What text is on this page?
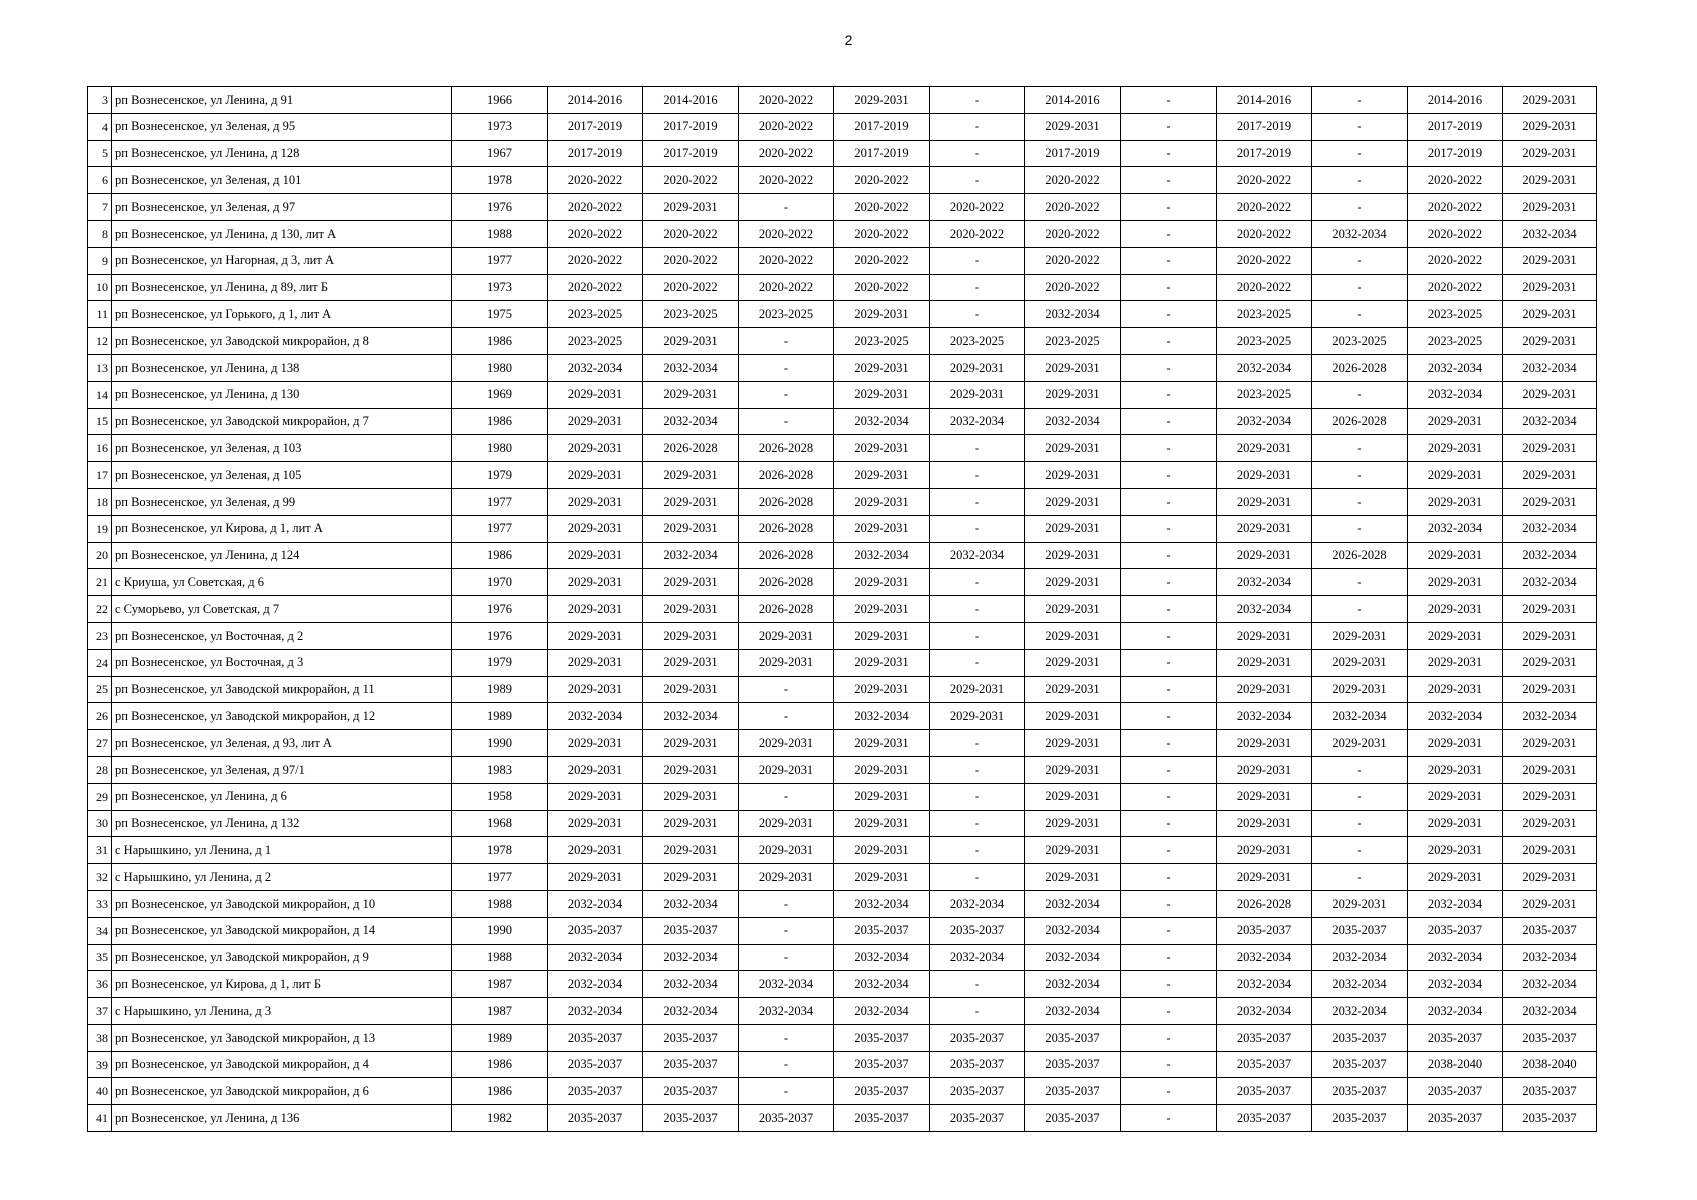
2
3	рп Вознесенское, ул Ленина, д 91	1966	2014-2016	2014-2016	2020-2022	2029-2031	-	2014-2016	-	2014-2016	-	2014-2016	2029-2031
4	рп Вознесенское, ул Зеленая, д 95	1973	2017-2019	2017-2019	2020-2022	2017-2019	-	2029-2031	-	2017-2019	-	2017-2019	2029-2031
5	рп Вознесенское, ул Ленина, д 128	1967	2017-2019	2017-2019	2020-2022	2017-2019	-	2017-2019	-	2017-2019	-	2017-2019	2029-2031
6	рп Вознесенское, ул Зеленая, д 101	1978	2020-2022	2020-2022	2020-2022	2020-2022	-	2020-2022	-	2020-2022	-	2020-2022	2029-2031
7	рп Вознесенское, ул Зеленая, д 97	1976	2020-2022	2029-2031	-	2020-2022	2020-2022	2020-2022	-	2020-2022	-	2020-2022	2029-2031
8	рп Вознесенское, ул Ленина, д 130, лит А	1988	2020-2022	2020-2022	2020-2022	2020-2022	2020-2022	2020-2022	-	2020-2022	2032-2034	2020-2022	2032-2034
9	рп Вознесенское, ул Нагорная, д 3, лит А	1977	2020-2022	2020-2022	2020-2022	2020-2022	-	2020-2022	-	2020-2022	-	2020-2022	2029-2031
10	рп Вознесенское, ул Ленина, д 89, лит Б	1973	2020-2022	2020-2022	2020-2022	2020-2022	-	2020-2022	-	2020-2022	-	2020-2022	2029-2031
11	рп Вознесенское, ул Горького, д 1, лит А	1975	2023-2025	2023-2025	2023-2025	2029-2031	-	2032-2034	-	2023-2025	-	2023-2025	2029-2031
12	рп Вознесенское, ул Заводской микрорайон, д 8	1986	2023-2025	2029-2031	-	2023-2025	2023-2025	2023-2025	-	2023-2025	2023-2025	2023-2025	2029-2031
13	рп Вознесенское, ул Ленина, д 138	1980	2032-2034	2032-2034	-	2029-2031	2029-2031	2029-2031	-	2032-2034	2026-2028	2032-2034	2032-2034
14	рп Вознесенское, ул Ленина, д 130	1969	2029-2031	2029-2031	-	2029-2031	2029-2031	2029-2031	-	2023-2025	-	2032-2034	2029-2031
15	рп Вознесенское, ул Заводской микрорайон, д 7	1986	2029-2031	2032-2034	-	2032-2034	2032-2034	2032-2034	-	2032-2034	2026-2028	2029-2031	2032-2034
16	рп Вознесенское, ул Зеленая, д 103	1980	2029-2031	2026-2028	2026-2028	2029-2031	-	2029-2031	-	2029-2031	-	2029-2031	2029-2031
17	рп Вознесенское, ул Зеленая, д 105	1979	2029-2031	2029-2031	2026-2028	2029-2031	-	2029-2031	-	2029-2031	-	2029-2031	2029-2031
18	рп Вознесенское, ул Зеленая, д 99	1977	2029-2031	2029-2031	2026-2028	2029-2031	-	2029-2031	-	2029-2031	-	2029-2031	2029-2031
19	рп Вознесенское, ул Кирова, д 1, лит А	1977	2029-2031	2029-2031	2026-2028	2029-2031	-	2029-2031	-	2029-2031	-	2032-2034	2032-2034
20	рп Вознесенское, ул Ленина, д 124	1986	2029-2031	2032-2034	2026-2028	2032-2034	2032-2034	2029-2031	-	2029-2031	2026-2028	2029-2031	2032-2034
21	с Криуша, ул Советская, д 6	1970	2029-2031	2029-2031	2026-2028	2029-2031	-	2029-2031	-	2032-2034	-	2029-2031	2032-2034
22	с Суморьево, ул Советская, д 7	1976	2029-2031	2029-2031	2026-2028	2029-2031	-	2029-2031	-	2032-2034	-	2029-2031	2029-2031
23	рп Вознесенское, ул Восточная, д 2	1976	2029-2031	2029-2031	2029-2031	2029-2031	-	2029-2031	-	2029-2031	2029-2031	2029-2031	2029-2031
24	рп Вознесенское, ул Восточная, д 3	1979	2029-2031	2029-2031	2029-2031	2029-2031	-	2029-2031	-	2029-2031	2029-2031	2029-2031	2029-2031
25	рп Вознесенское, ул Заводской микрорайон, д 11	1989	2029-2031	2029-2031	-	2029-2031	2029-2031	2029-2031	-	2029-2031	2029-2031	2029-2031	2029-2031
26	рп Вознесенское, ул Заводской микрорайон, д 12	1989	2032-2034	2032-2034	-	2032-2034	2029-2031	2029-2031	-	2032-2034	2032-2034	2032-2034	2032-2034
27	рп Вознесенское, ул Зеленая, д 93, лит А	1990	2029-2031	2029-2031	2029-2031	2029-2031	-	2029-2031	-	2029-2031	2029-2031	2029-2031	2029-2031
28	рп Вознесенское, ул Зеленая, д 97/1	1983	2029-2031	2029-2031	2029-2031	2029-2031	-	2029-2031	-	2029-2031	-	2029-2031	2029-2031
29	рп Вознесенское, ул Ленина, д 6	1958	2029-2031	2029-2031	-	2029-2031	-	2029-2031	-	2029-2031	-	2029-2031	2029-2031
30	рп Вознесенское, ул Ленина, д 132	1968	2029-2031	2029-2031	2029-2031	2029-2031	-	2029-2031	-	2029-2031	-	2029-2031	2029-2031
31	с Нарышкино, ул Ленина, д 1	1978	2029-2031	2029-2031	2029-2031	2029-2031	-	2029-2031	-	2029-2031	-	2029-2031	2029-2031
32	с Нарышкино, ул Ленина, д 2	1977	2029-2031	2029-2031	2029-2031	2029-2031	-	2029-2031	-	2029-2031	-	2029-2031	2029-2031
33	рп Вознесенское, ул Заводской микрорайон, д 10	1988	2032-2034	2032-2034	-	2032-2034	2032-2034	2032-2034	-	2026-2028	2029-2031	2032-2034	2029-2031
34	рп Вознесенское, ул Заводской микрорайон, д 14	1990	2035-2037	2035-2037	-	2035-2037	2035-2037	2032-2034	-	2035-2037	2035-2037	2035-2037	2035-2037
35	рп Вознесенское, ул Заводской микрорайон, д 9	1988	2032-2034	2032-2034	-	2032-2034	2032-2034	2032-2034	-	2032-2034	2032-2034	2032-2034	2032-2034
36	рп Вознесенское, ул Кирова, д 1, лит Б	1987	2032-2034	2032-2034	2032-2034	2032-2034	-	2032-2034	-	2032-2034	2032-2034	2032-2034	2032-2034
37	с Нарышкино, ул Ленина, д 3	1987	2032-2034	2032-2034	2032-2034	2032-2034	-	2032-2034	-	2032-2034	2032-2034	2032-2034	2032-2034
38	рп Вознесенское, ул Заводской микрорайон, д 13	1989	2035-2037	2035-2037	-	2035-2037	2035-2037	2035-2037	-	2035-2037	2035-2037	2035-2037	2035-2037
39	рп Вознесенское, ул Заводской микрорайон, д 4	1986	2035-2037	2035-2037	-	2035-2037	2035-2037	2035-2037	-	2035-2037	2035-2037	2038-2040	2038-2040
40	рп Вознесенское, ул Заводской микрорайон, д 6	1986	2035-2037	2035-2037	-	2035-2037	2035-2037	2035-2037	-	2035-2037	2035-2037	2035-2037	2035-2037
41	рп Вознесенское, ул Ленина, д 136	1982	2035-2037	2035-2037	2035-2037	2035-2037	2035-2037	2035-2037	-	2035-2037	2035-2037	2035-2037	2035-2037
